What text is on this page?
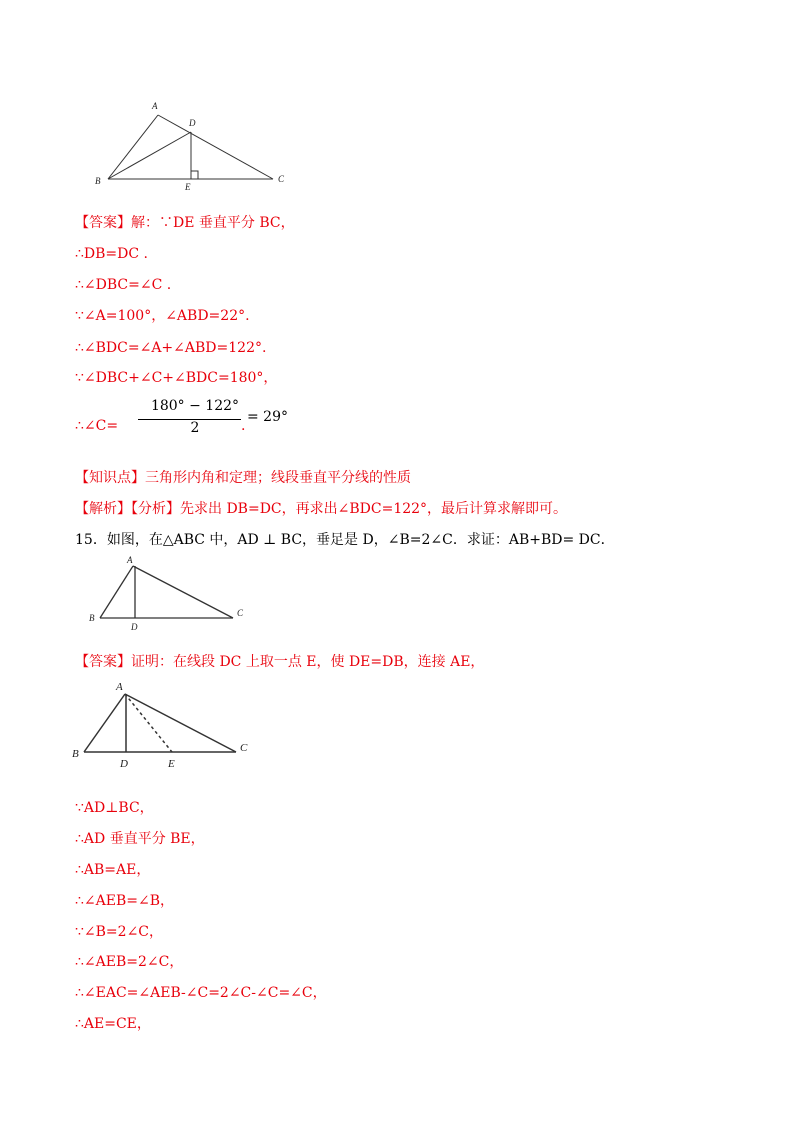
A
D
B
E
C
【答案】解：∵DE 垂直平分 BC，
∴DB=DC .
∴∠DBC=∠C .
∵∠A=100°，∠ABD=22°.
∴∠BDC=∠A+∠ABD=122°.
∵∠DBC+∠C+∠BDC=180°，
∴∠C=
180° − 122°
2
= 29°
.
【知识点】三角形内角和定理；线段垂直平分线的性质
【解析】【分析】先求出 DB=DC，再求出∠BDC=122°，最后计算求解即可。
15．如图，在△ABC 中，AD ⊥ BC，垂足是 D，∠B=2∠C．求证：AB+BD= DC．
A
B
D
C
【答案】证明：在线段 DC 上取一点 E，使 DE=DB，连接 AE，
A
B
D	E
C
∵AD⊥BC，
∴AD 垂直平分 BE，
∴AB=AE，
∴∠AEB=∠B，
∵∠B=2∠C，
∴∠AEB=2∠C，
∴∠EAC=∠AEB-∠C=2∠C-∠C=∠C，
∴AE=CE，
